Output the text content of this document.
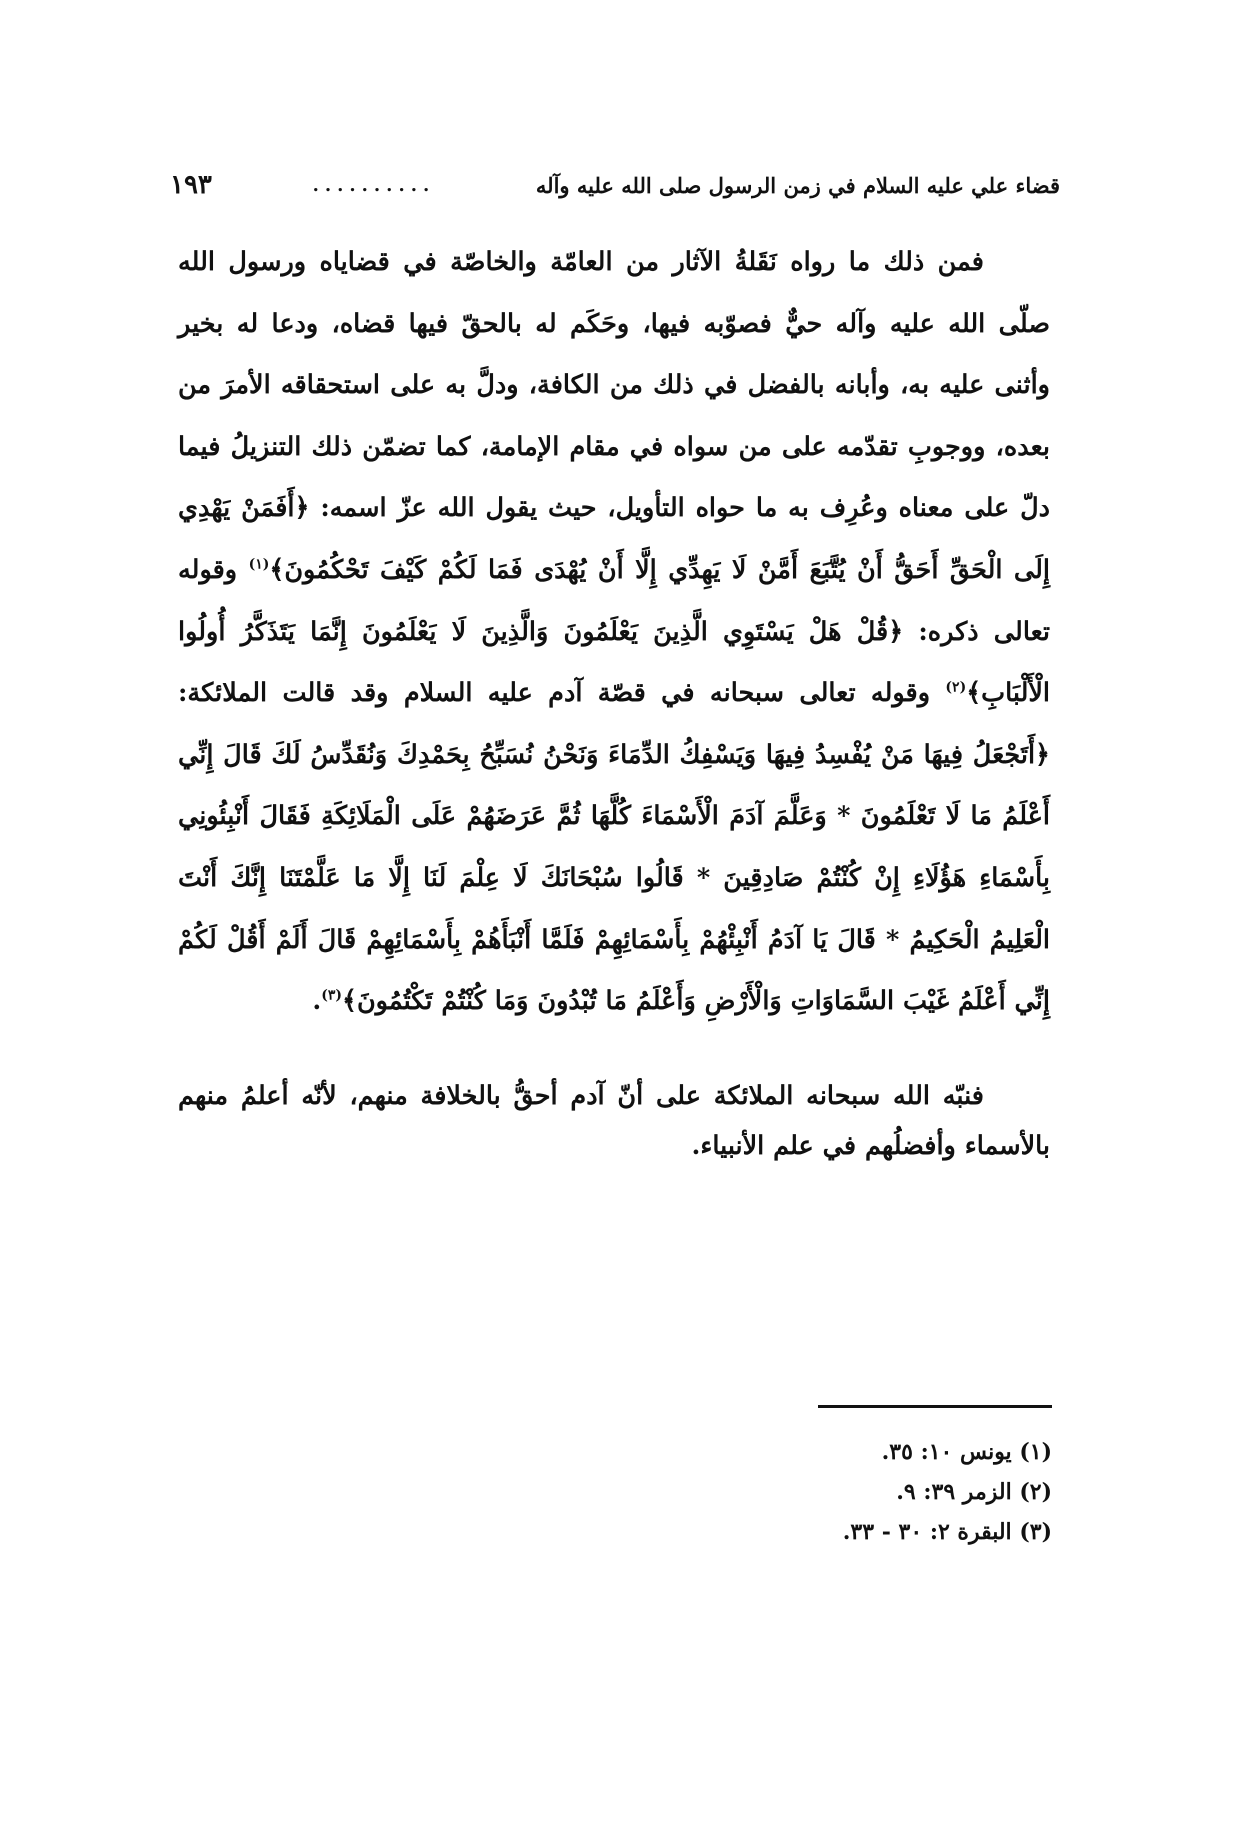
قضاء علي عليه السلام في زمن الرسول صلى الله عليه وآله
..........
١٩٣

فمن ذلك ما رواه نَقَلةُ الآثار من العامّة والخاصّة في قضاياه ورسول الله صلّى الله عليه وآله حيٌّ فصوّبه فيها، وحَكَم له بالحقّ فيها قضاه، ودعا له بخير وأثنى عليه به، وأبانه بالفضل في ذلك من الكافة، ودلَّ به على استحقاقه الأمرَ من بعده، ووجوبِ تقدّمه على من سواه في مقام الإمامة، كما تضمّن ذلك التنزيلُ فيما دلّ على معناه وعُرِف به ما حواه التأويل، حيث يقول الله عزّ اسمه: ﴿أَفَمَنْ يَهْدِي إِلَى الْحَقِّ أَحَقُّ أَنْ يُتَّبَعَ أَمَّنْ لَا يَهِدِّي إِلَّا أَنْ يُهْدَى فَمَا لَكُمْ كَيْفَ تَحْكُمُونَ﴾$^{(١)}$ وقوله تعالى ذكره: ﴿قُلْ هَلْ يَسْتَوِي الَّذِينَ يَعْلَمُونَ وَالَّذِينَ لَا يَعْلَمُونَ إِنَّمَا يَتَذَكَّرُ أُولُوا الْأَلْبَابِ﴾$^{(٢)}$ وقوله تعالى سبحانه في قصّة آدم عليه السلام وقد قالت الملائكة: ﴿أَتَجْعَلُ فِيهَا مَنْ يُفْسِدُ فِيهَا وَيَسْفِكُ الدِّمَاءَ وَنَحْنُ نُسَبِّحُ بِحَمْدِكَ وَنُقَدِّسُ لَكَ قَالَ إِنِّي أَعْلَمُ مَا لَا تَعْلَمُونَ * وَعَلَّمَ آدَمَ الْأَسْمَاءَ كُلَّهَا ثُمَّ عَرَضَهُمْ عَلَى الْمَلَائِكَةِ فَقَالَ أَنْبِئُونِي بِأَسْمَاءِ هَؤُلَاءِ إِنْ كُنْتُمْ صَادِقِينَ * قَالُوا سُبْحَانَكَ لَا عِلْمَ لَنَا إِلَّا مَا عَلَّمْتَنَا إِنَّكَ أَنْتَ الْعَلِيمُ الْحَكِيمُ * قَالَ يَا آدَمُ أَنْبِئْهُمْ بِأَسْمَائِهِمْ فَلَمَّا أَنْبَأَهُمْ بِأَسْمَائِهِمْ قَالَ أَلَمْ أَقُلْ لَكُمْ إِنِّي أَعْلَمُ غَيْبَ السَّمَاوَاتِ وَالْأَرْضِ وَأَعْلَمُ مَا تُبْدُونَ وَمَا كُنْتُمْ تَكْتُمُونَ﴾$^{(٣)}$.

فنبّه الله سبحانه الملائكة على أنّ آدم أحقُّ بالخلافة منهم، لأنّه أعلمُ منهم بالأسماء وأفضلُهم في علم الأنبياء.

(١) يونس ١٠: ٣٥.
(٢) الزمر ٣٩: ٩.
(٣) البقرة ٢: ٣٠ - ٣٣.
